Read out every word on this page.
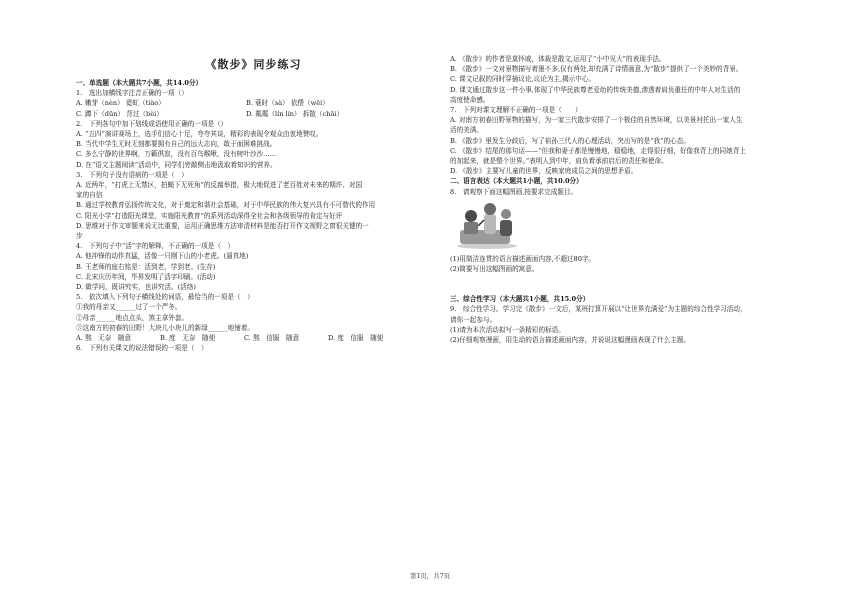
《散步》同步练习
一、单选题（本大题共7小题，共14.0分）
1.　选出加横线字注音正确的一项（）
A. 嫩芽（nèn） 霓虹（tiào）	B. 蓑时（sà） 依偎（wēi）
C. 蹲下（dūn） 背过（bèi）	D. 粼粼（lín lín） 拆散（chāi）
2.　下列各句中加下划线成语使用正确的一项是（）
A. “五四”演讲赛场上，选手们信心十足，夸夸其谈，精彩的表现令观众由衷地赞叹。
B. 当代中学生无时无刻都要拥有自己的远大志向，敢于面困难挑战。
C. 多么宁静的世界啊，万籁俱寂，没有百鸟喉啾，没有树叶沙沙……
D. 在“语文主题阅读”活动中，同学们旁敲侧击地汲取着知识的营养。
3.　下列句子没有语病的一项是（　）
A. 近两年，“打虎上无禁区，拍蝇下无死角”的反腐举措，极大地促进了老百姓对未来的期许、对国
家的自信
B. 通过学校教育弘扬传统文化，对于奠定和谐社会基础，对于中华民族的伟大复兴具有不可替代的作用
C. 阳光小学“打造阳光课堂，实施阳光教育”的系列活动深得全社会和各级领导的肯定与好评
D. 思维对于作文审题来说无比重要，运用正确思维方法审清材料是能否打开作文视野之窗很关键的一
步
4.　下列句子中“活”字的解释，不正确的一项是（　）
A. 他冲锋的动作真猛，活像一只刚下山的小老虎。(逼真地)
B. 王老师的座右铭是：活到老，学到老。(生存)
C. 北宋庆历年间，毕昇发明了活字印刷。(活动)
D. 做学问，既讲究实，也讲究活。(活络)
5.　依次填入下列句子横线处的词语，最恰当的一项是（　）
①我的母亲又______过了一个严冬。
②母亲______地点点头，煞主拿外套。
③这南方的初春的田野！大块儿小块儿的新绿______地铺着。
A. 熬　无奈　随意	B. 度　无奈　随便	C. 熬　信服　随意	D. 度　信服　随便
6.　下列有关课文的说法错误的一项是（　）
A. 《散步》的作者是莫怀戚，体裁是散文,运用了“小中见大”的表现手法。
B. 《散步》一文对景物描写着墨不多,仅有两处,却充满了诗情画意,为“散步”提供了一个美妙的背景。
C. 课文记叙的同时穿插议论,议论为主,揭示中心。
D. 课文通过散步这一件小事,体现了中华民族尊老爱幼的传统美德,渗透着肩负重任的中年人对生活的
高度使命感。
7.　下列对课文理解不正确的一项是（　　）
A. 对南方初春田野景物的描写，为一家三代散步安排了一个极佳的自然环境，以美景衬托出一家人生
活的美满。
B. 《散步》里发生分歧后，写了祖孙三代人的心理活动，突出写的是“我”的心态。
C. 《散步》结尾的那句话——“但我和妻子都是慢慢地，稳稳地，走得很仔细，好像我背上的同她背上
的加起来，就是整个世界。”表明人到中年，肩负着承前启后的责任和使命。
D. 《散步》主要写儿童的世界，反映家庭成员之间的思想矛盾。
二、语言表达（本大题共1小题，共10.0分）
8.　请观察下面这幅图画,按要求完成题目。
(1)用简洁连贯的语言描述画面内容,不超过80字。
(2)简要写出这幅图画的寓意。
三、综合性学习（本大题共1小题，共15.0分）
9.　综合性学习。学习完《散步》一文后，某班打算开展以“让世界充满爱”为主题的综合性学习活动，
请你一起参与。
(1)请为本次活动拟写一条精彩的标语。
(2)仔细观察漫画，用生动的语言描述画面内容，并说说这幅漫画表现了什么主题。
第1页，共7页
